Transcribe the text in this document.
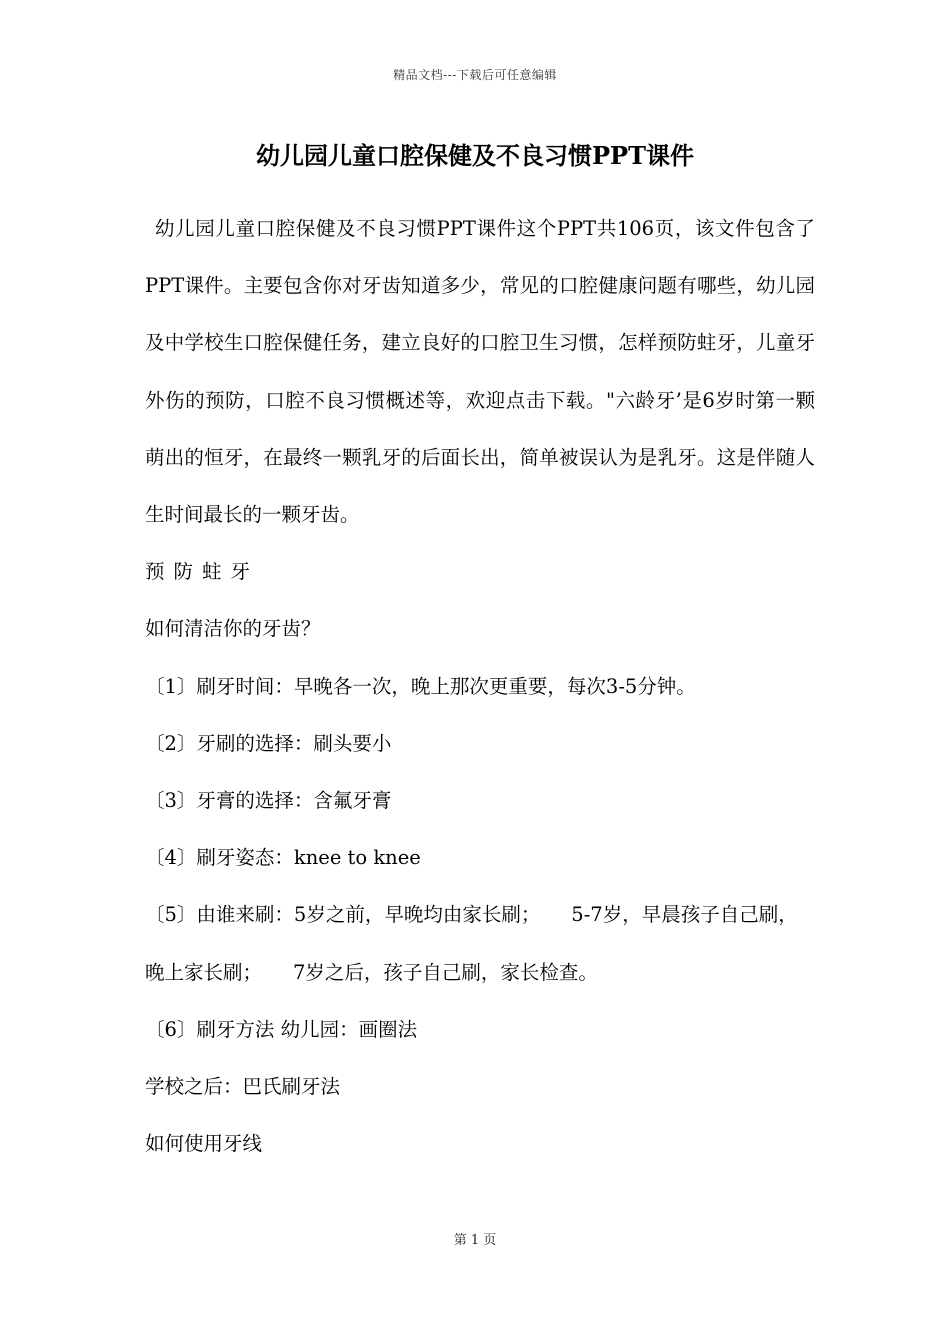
精品文档---下载后可任意编辑
幼儿园儿童口腔保健及不良习惯PPT课件

幼儿园儿童口腔保健及不良习惯PPT课件这个PPT共106页，该文件包含了PPT课件。主要包含你对牙齿知道多少，常见的口腔健康问题有哪些，幼儿园及中学校生口腔保健任务，建立良好的口腔卫生习惯，怎样预防蛀牙，儿童牙外伤的预防，口腔不良习惯概述等，欢迎点击下载。"六龄牙’是6岁时第一颗萌出的恒牙，在最终一颗乳牙的后面长出，简单被误认为是乳牙。这是伴随人生时间最长的一颗牙齿。

预防蛀牙

如何清洁你的牙齿？

〔1〕刷牙时间：早晚各一次，晚上那次更重要，每次3-5分钟。

〔2〕牙刷的选择：刷头要小

〔3〕牙膏的选择：含氟牙膏

〔4〕刷牙姿态：knee to knee

〔5〕由谁来刷：5岁之前，早晚均由家长刷；     5-7岁，早晨孩子自己刷，晚上家长刷；     7岁之后，孩子自己刷，家长检查。

〔6〕刷牙方法 幼儿园：画圈法

学校之后：巴氏刷牙法

如何使用牙线

第 1 页
